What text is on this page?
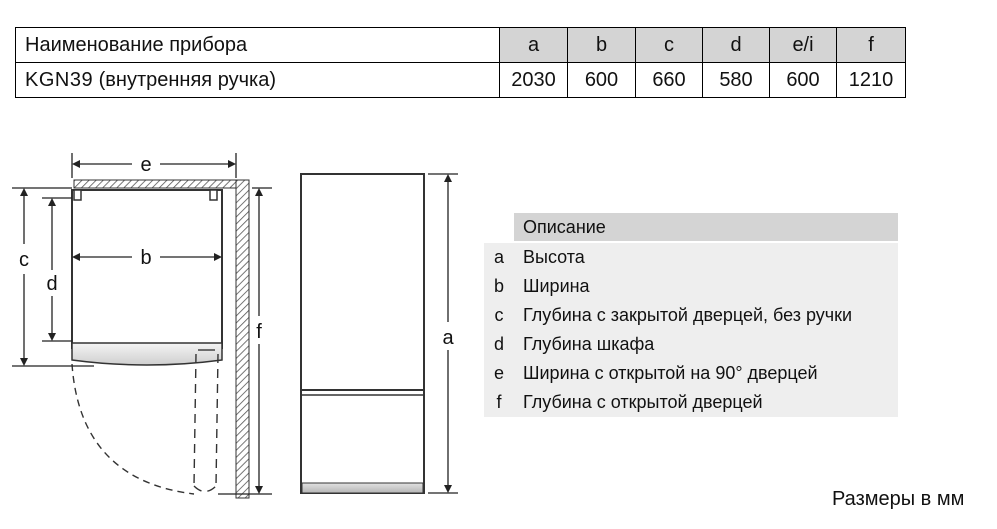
Наименование прибора	a	b	c	d	e/i	f
KGN39 (внутренняя ручка)	2030	600	660	580	600	1210
e
b
c
d
f	a
Описание
a	Высота
b	Ширина
c	Глубина с закрытой дверцей, без ручки
d	Глубина шкафа
e	Ширина с открытой на 90° дверцей
f	Глубина с открытой дверцей
Размеры в мм
